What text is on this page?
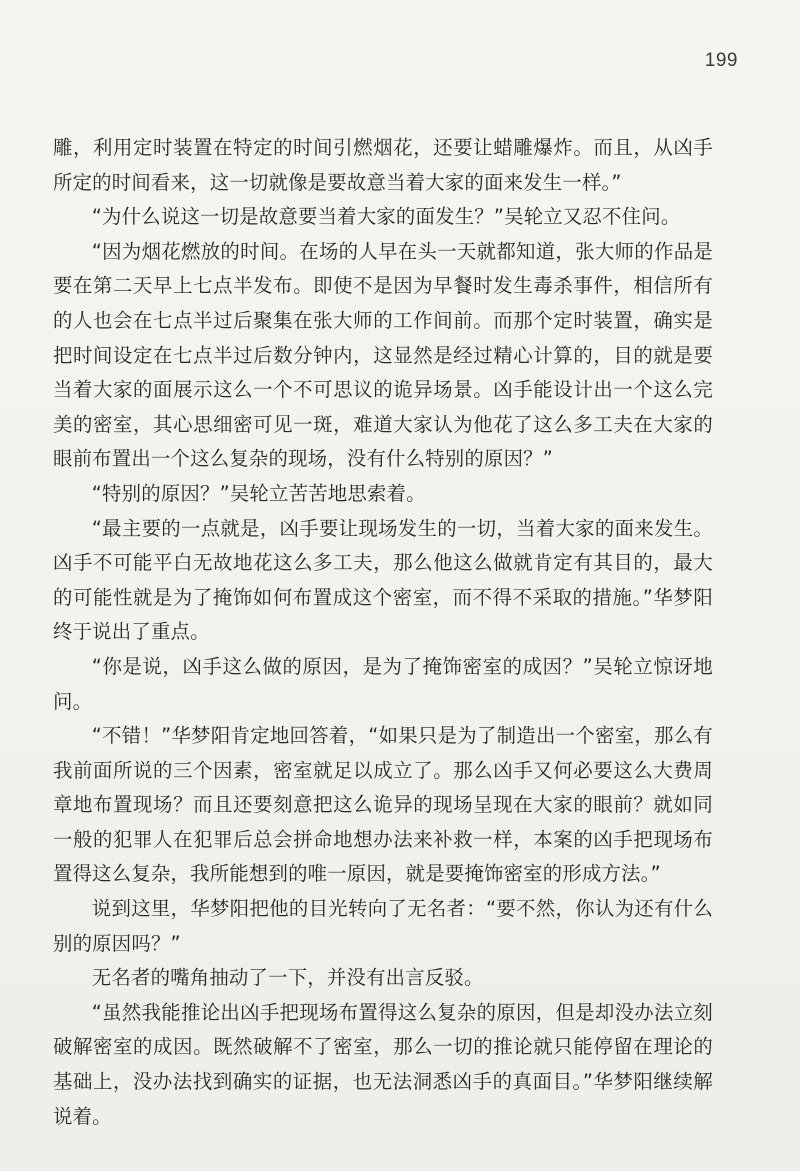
199

雕，利用定时装置在特定的时间引燃烟花，还要让蜡雕爆炸。而且，从凶手所定的时间看来，这一切就像是要故意当着大家的面来发生一样。”

“为什么说这一切是故意要当着大家的面发生？”吴轮立又忍不住问。

“因为烟花燃放的时间。在场的人早在头一天就都知道，张大师的作品是要在第二天早上七点半发布。即使不是因为早餐时发生毒杀事件，相信所有的人也会在七点半过后聚集在张大师的工作间前。而那个定时装置，确实是把时间设定在七点半过后数分钟内，这显然是经过精心计算的，目的就是要当着大家的面展示这么一个不可思议的诡异场景。凶手能设计出一个这么完美的密室，其心思细密可见一斑，难道大家认为他花了这么多工夫在大家的眼前布置出一个这么复杂的现场，没有什么特别的原因？”

“特别的原因？”吴轮立苦苦地思索着。

“最主要的一点就是，凶手要让现场发生的一切，当着大家的面来发生。凶手不可能平白无故地花这么多工夫，那么他这么做就肯定有其目的，最大的可能性就是为了掩饰如何布置成这个密室，而不得不采取的措施。”华梦阳终于说出了重点。

“你是说，凶手这么做的原因，是为了掩饰密室的成因？”吴轮立惊讶地问。

“不错！”华梦阳肯定地回答着，“如果只是为了制造出一个密室，那么有我前面所说的三个因素，密室就足以成立了。那么凶手又何必要这么大费周章地布置现场？而且还要刻意把这么诡异的现场呈现在大家的眼前？就如同一般的犯罪人在犯罪后总会拼命地想办法来补救一样，本案的凶手把现场布置得这么复杂，我所能想到的唯一原因，就是要掩饰密室的形成方法。”

说到这里，华梦阳把他的目光转向了无名者：“要不然，你认为还有什么别的原因吗？”

无名者的嘴角抽动了一下，并没有出言反驳。

“虽然我能推论出凶手把现场布置得这么复杂的原因，但是却没办法立刻破解密室的成因。既然破解不了密室，那么一切的推论就只能停留在理论的基础上，没办法找到确实的证据，也无法洞悉凶手的真面目。”华梦阳继续解说着。
